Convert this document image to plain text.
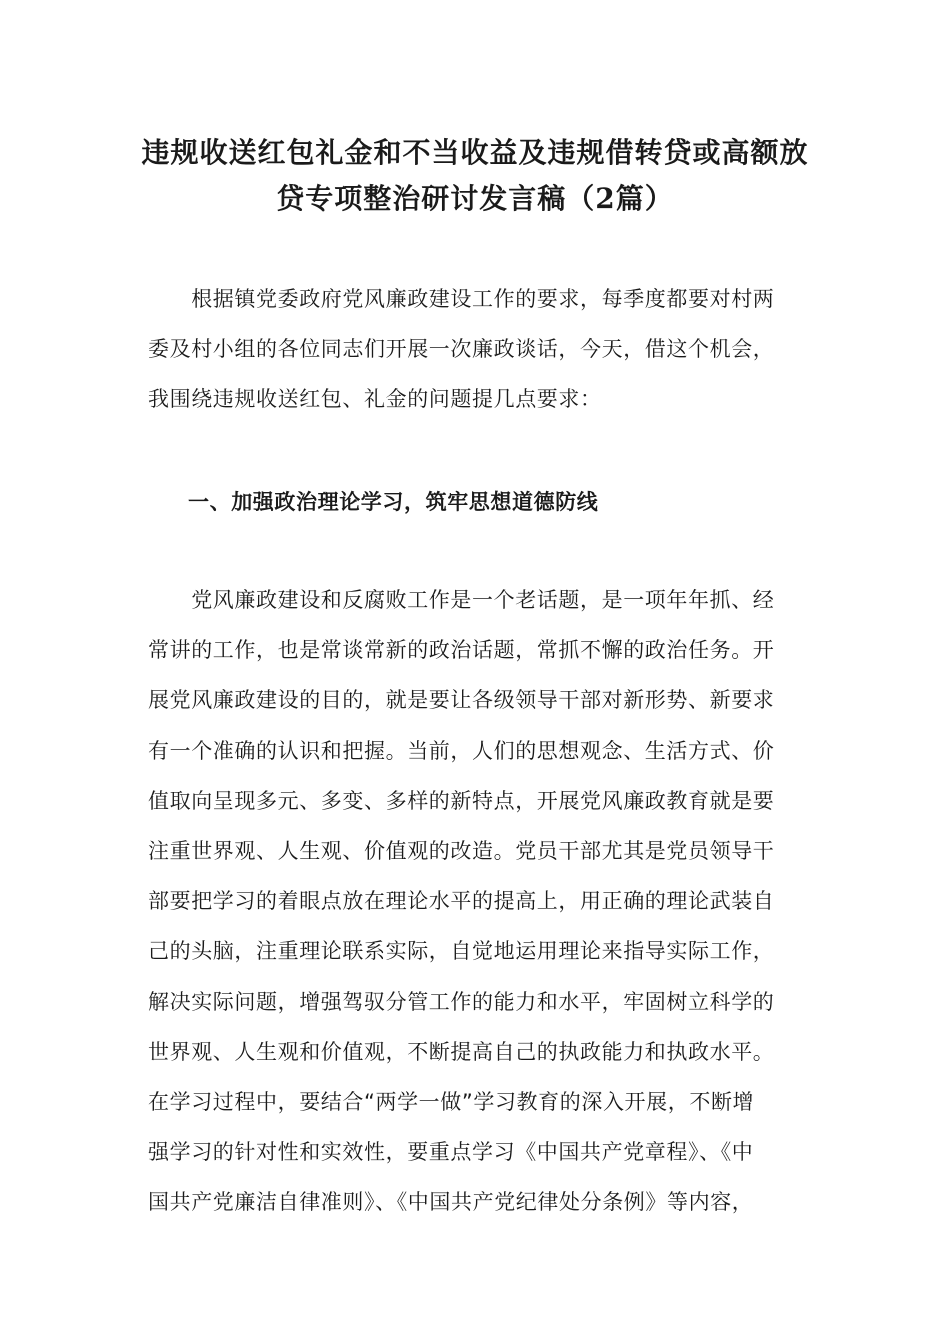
违规收送红包礼金和不当收益及违规借转贷或高额放
贷专项整治研讨发言稿（2篇）
　　根据镇党委政府党风廉政建设工作的要求，每季度都要对村两
委及村小组的各位同志们开展一次廉政谈话，今天，借这个机会，
我围绕违规收送红包、礼金的问题提几点要求：
一、加强政治理论学习，筑牢思想道德防线
　　党风廉政建设和反腐败工作是一个老话题，是一项年年抓、经
常讲的工作，也是常谈常新的政治话题，常抓不懈的政治任务。开
展党风廉政建设的目的，就是要让各级领导干部对新形势、新要求
有一个准确的认识和把握。当前，人们的思想观念、生活方式、价
值取向呈现多元、多变、多样的新特点，开展党风廉政教育就是要
注重世界观、人生观、价值观的改造。党员干部尤其是党员领导干
部要把学习的着眼点放在理论水平的提高上，用正确的理论武装自
己的头脑，注重理论联系实际，自觉地运用理论来指导实际工作，
解决实际问题，增强驾驭分管工作的能力和水平，牢固树立科学的
世界观、人生观和价值观，不断提高自己的执政能力和执政水平。
在学习过程中，要结合“两学一做”学习教育的深入开展，不断增
强学习的针对性和实效性，要重点学习《中国共产党章程》、《中
国共产党廉洁自律准则》、《中国共产党纪律处分条例》等内容，
